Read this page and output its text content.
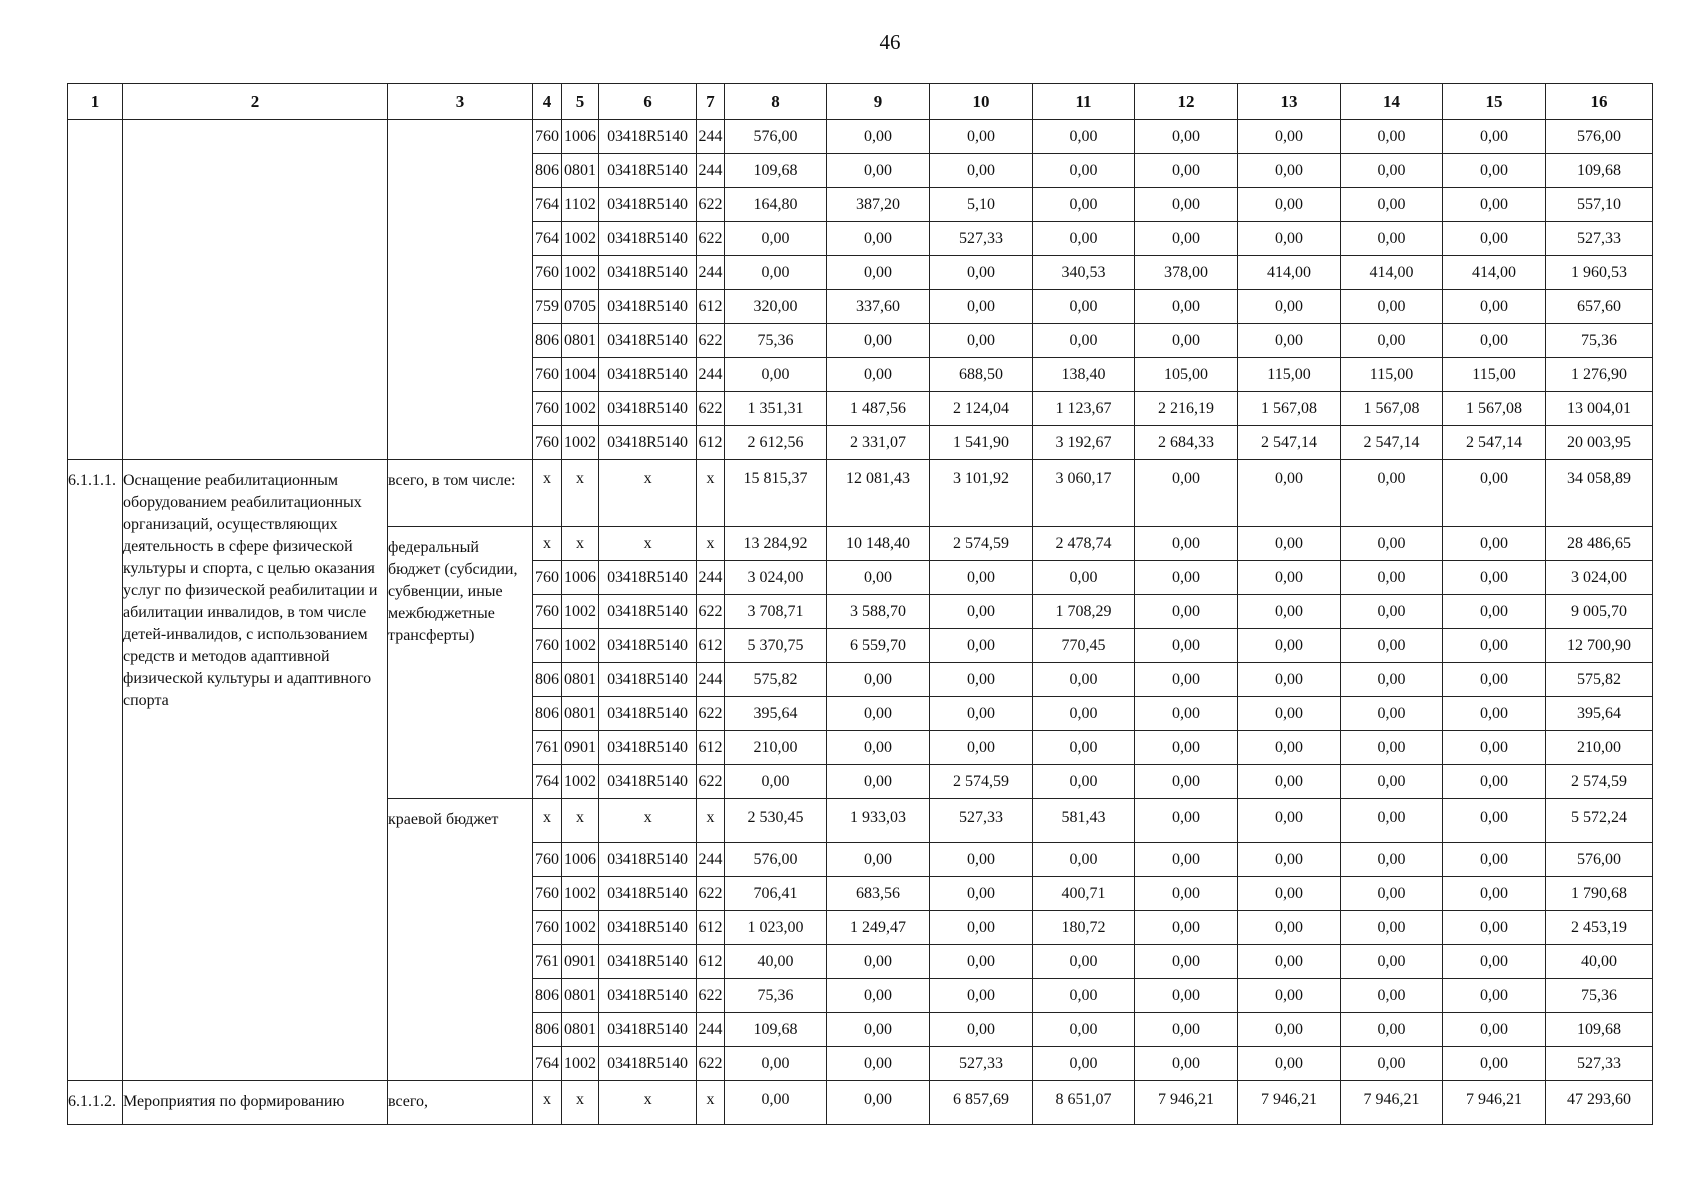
46
1	2	3	4	5	6	7	8	9	10	11	12	13	14	15	16
			760	1006	03418R5140	244	576,00	0,00	0,00	0,00	0,00	0,00	0,00	0,00	576,00
			806	0801	03418R5140	244	109,68	0,00	0,00	0,00	0,00	0,00	0,00	0,00	109,68
			764	1102	03418R5140	622	164,80	387,20	5,10	0,00	0,00	0,00	0,00	0,00	557,10
			764	1002	03418R5140	622	0,00	0,00	527,33	0,00	0,00	0,00	0,00	0,00	527,33
			760	1002	03418R5140	244	0,00	0,00	0,00	340,53	378,00	414,00	414,00	414,00	1 960,53
			759	0705	03418R5140	612	320,00	337,60	0,00	0,00	0,00	0,00	0,00	0,00	657,60
			806	0801	03418R5140	622	75,36	0,00	0,00	0,00	0,00	0,00	0,00	0,00	75,36
			760	1004	03418R5140	244	0,00	0,00	688,50	138,40	105,00	115,00	115,00	115,00	1 276,90
			760	1002	03418R5140	622	1 351,31	1 487,56	2 124,04	1 123,67	2 216,19	1 567,08	1 567,08	1 567,08	13 004,01
			760	1002	03418R5140	612	2 612,56	2 331,07	1 541,90	3 192,67	2 684,33	2 547,14	2 547,14	2 547,14	20 003,95
6.1.1.1.	Оснащение реабилитационным оборудованием реабилитационных организаций, осуществляющих деятельность в сфере физической культуры и спорта, с целью оказания услуг по физической реабилитации и абилитации инвалидов, в том числе детей-инвалидов, с использованием средств и методов адаптивной физической культуры и адаптивного спорта	всего, в том числе:	x	x	x	x	15 815,37	12 081,43	3 101,92	3 060,17	0,00	0,00	0,00	0,00	34 058,89
		федеральный бюджет (субсидии, субвенции, иные межбюджетные трансферты)	x	x	x	x	13 284,92	10 148,40	2 574,59	2 478,74	0,00	0,00	0,00	0,00	28 486,65
			760	1006	03418R5140	244	3 024,00	0,00	0,00	0,00	0,00	0,00	0,00	0,00	3 024,00
			760	1002	03418R5140	622	3 708,71	3 588,70	0,00	1 708,29	0,00	0,00	0,00	0,00	9 005,70
			760	1002	03418R5140	612	5 370,75	6 559,70	0,00	770,45	0,00	0,00	0,00	0,00	12 700,90
			806	0801	03418R5140	244	575,82	0,00	0,00	0,00	0,00	0,00	0,00	0,00	575,82
			806	0801	03418R5140	622	395,64	0,00	0,00	0,00	0,00	0,00	0,00	0,00	395,64
			761	0901	03418R5140	612	210,00	0,00	0,00	0,00	0,00	0,00	0,00	0,00	210,00
			764	1002	03418R5140	622	0,00	0,00	2 574,59	0,00	0,00	0,00	0,00	0,00	2 574,59
		краевой бюджет	x	x	x	x	2 530,45	1 933,03	527,33	581,43	0,00	0,00	0,00	0,00	5 572,24
			760	1006	03418R5140	244	576,00	0,00	0,00	0,00	0,00	0,00	0,00	0,00	576,00
			760	1002	03418R5140	622	706,41	683,56	0,00	400,71	0,00	0,00	0,00	0,00	1 790,68
			760	1002	03418R5140	612	1 023,00	1 249,47	0,00	180,72	0,00	0,00	0,00	0,00	2 453,19
			761	0901	03418R5140	612	40,00	0,00	0,00	0,00	0,00	0,00	0,00	0,00	40,00
			806	0801	03418R5140	622	75,36	0,00	0,00	0,00	0,00	0,00	0,00	0,00	75,36
			806	0801	03418R5140	244	109,68	0,00	0,00	0,00	0,00	0,00	0,00	0,00	109,68
			764	1002	03418R5140	622	0,00	0,00	527,33	0,00	0,00	0,00	0,00	0,00	527,33
6.1.1.2.	Мероприятия по формированию	всего,	x	x	x	x	0,00	0,00	6 857,69	8 651,07	7 946,21	7 946,21	7 946,21	7 946,21	47 293,60
